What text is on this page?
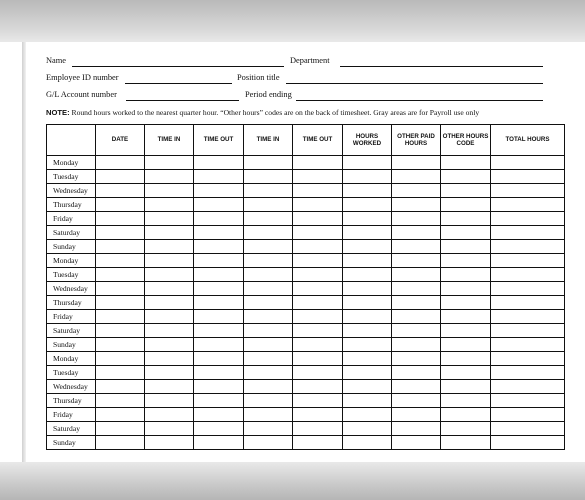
Name	Department
Employee ID number	Position title
G/L Account number	Period ending
NOTE: Round hours worked to the nearest quarter hour. “Other hours” codes are on the back of timesheet. Gray areas are for Payroll use only
	DATE	TIME IN	TIME OUT	TIME IN	TIME OUT	HOURS WORKED	OTHER PAID HOURS	OTHER HOURS CODE	TOTAL HOURS
Monday									
Tuesday									
Wednesday									
Thursday									
Friday									
Saturday									
Sunday									
Monday									
Tuesday									
Wednesday									
Thursday									
Friday									
Saturday									
Sunday									
Monday									
Tuesday									
Wednesday									
Thursday									
Friday									
Saturday									
Sunday									
